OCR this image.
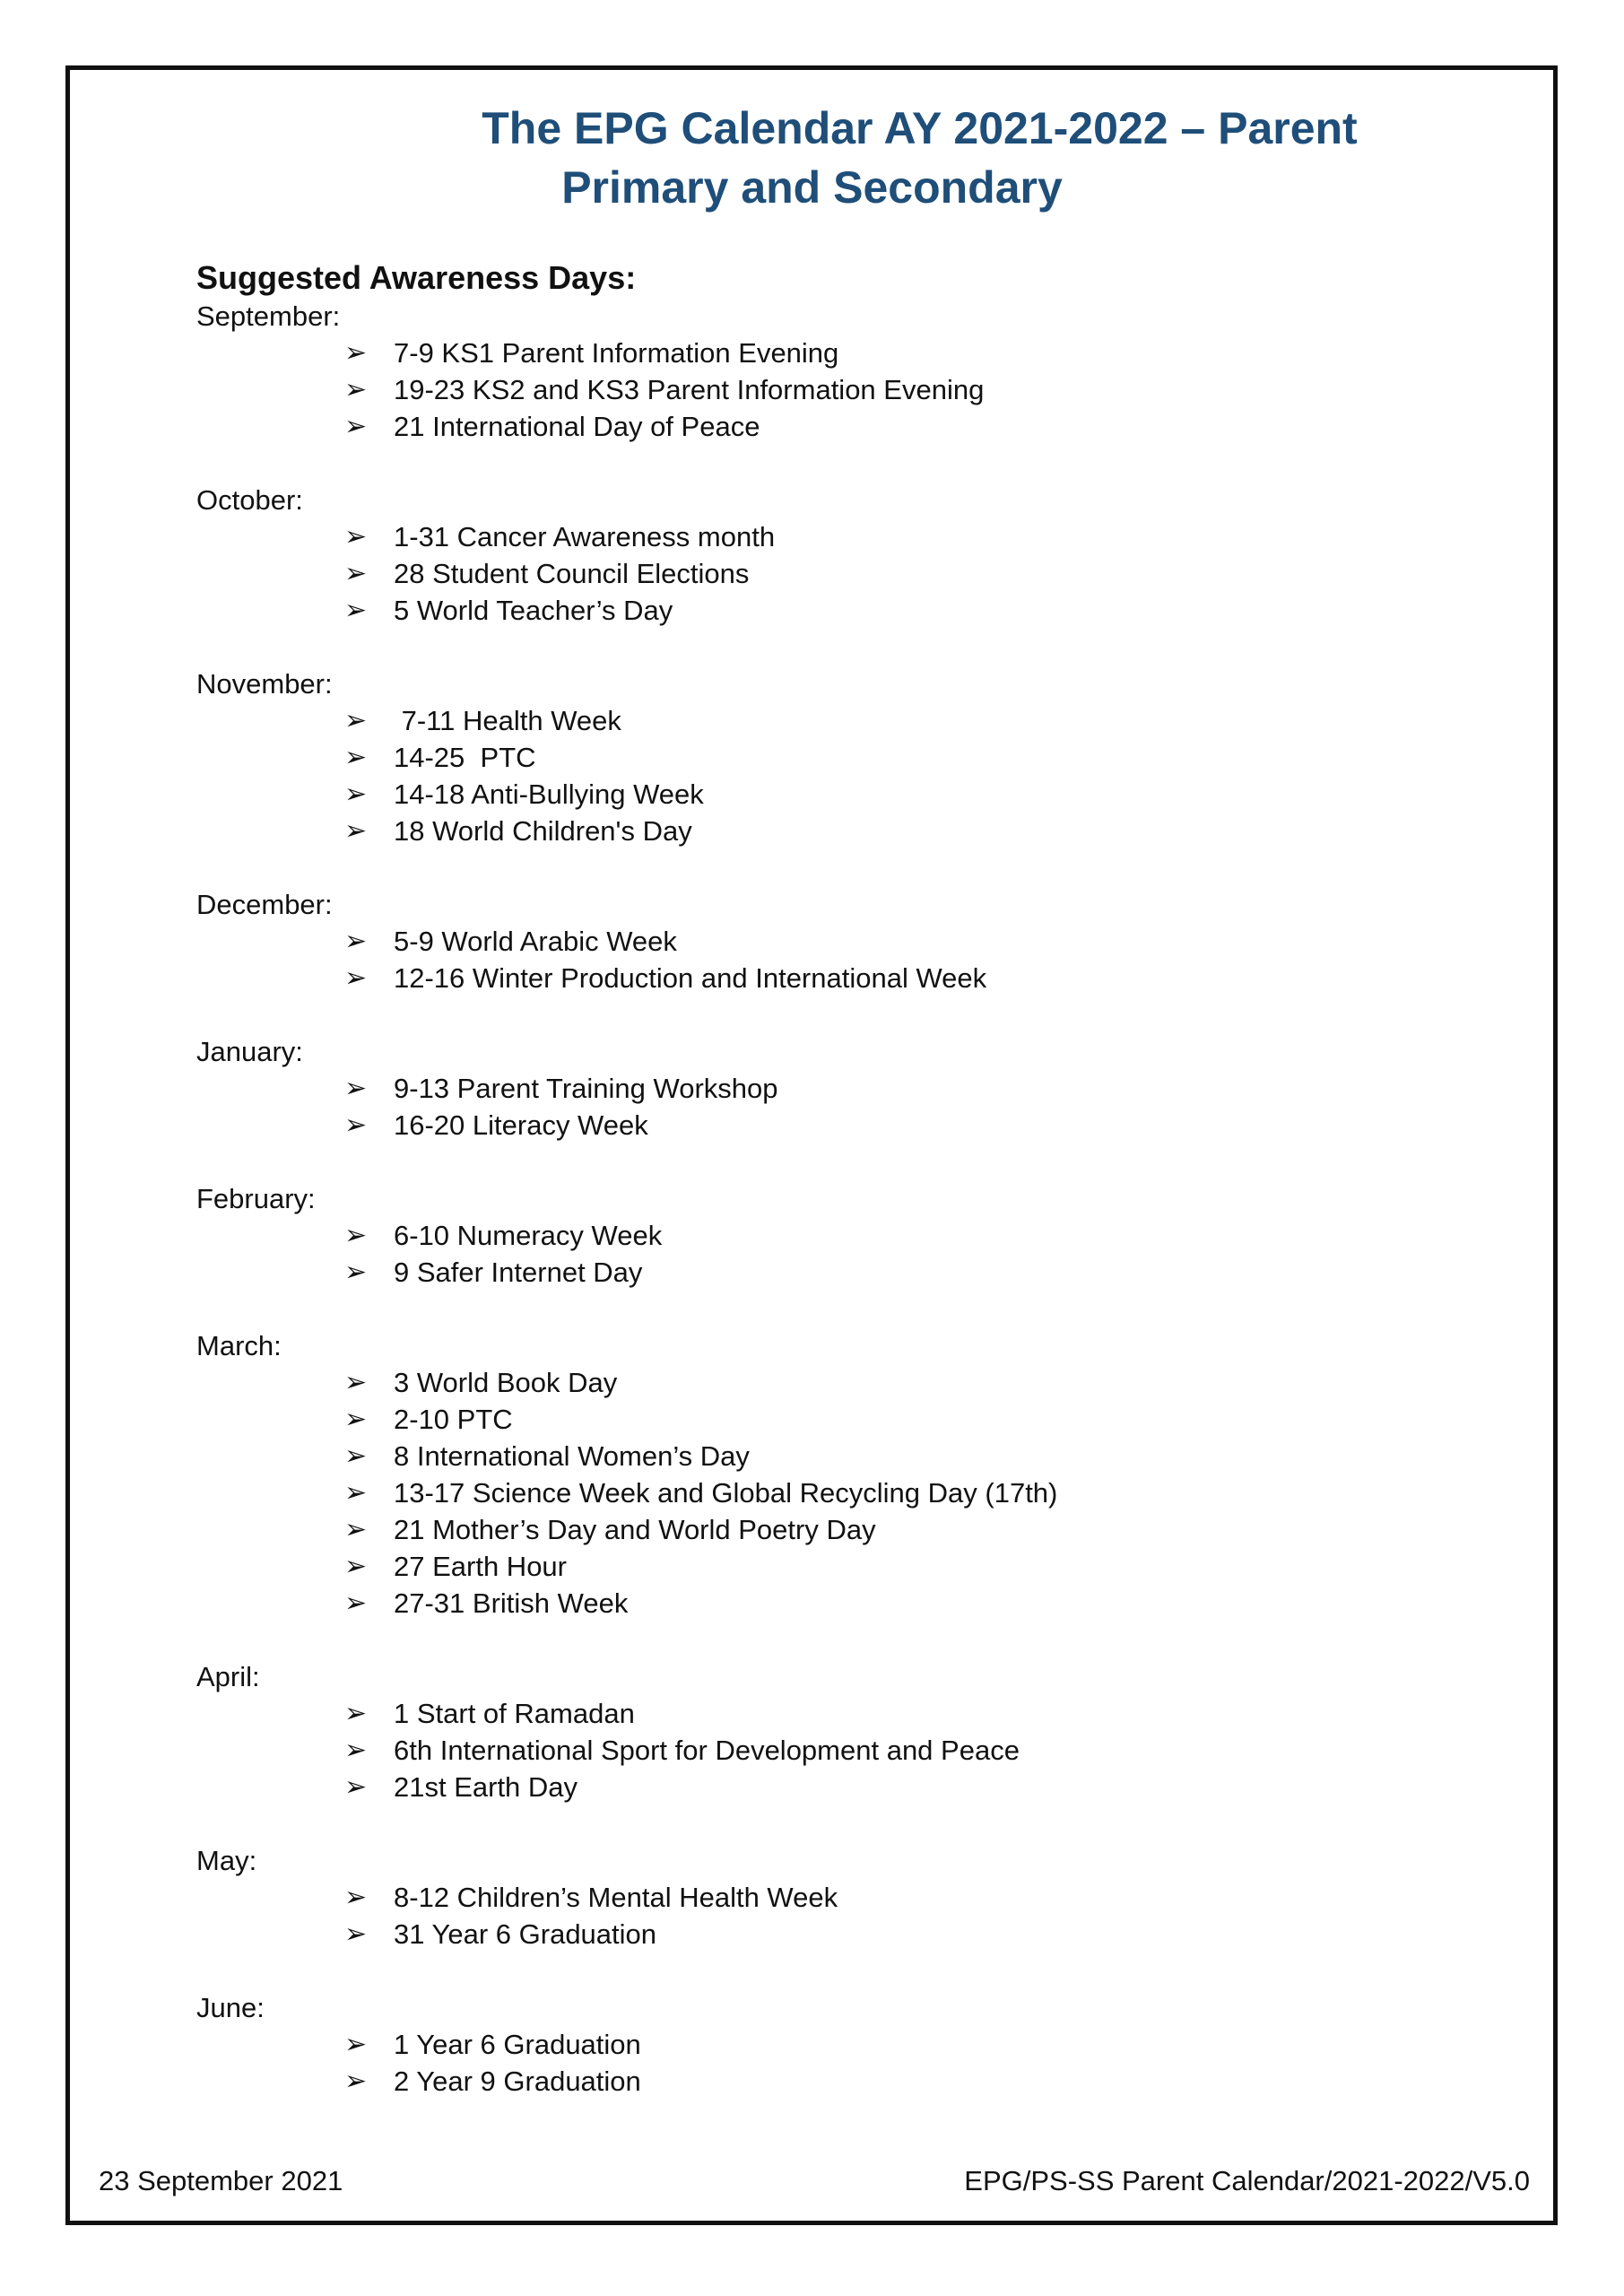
The EPG Calendar AY 2021-2022 – Parent
Primary and Secondary
Suggested Awareness Days:

September:

➢ 7-9 KS1 Parent Information Evening
➢ 19-23 KS2 and KS3 Parent Information Evening
➢ 21 International Day of Peace

October:

➢ 1-31 Cancer Awareness month
➢ 28 Student Council Elections
➢ 5 World Teacher’s Day

November:

➢ 7-11 Health Week
➢ 14-25  PTC
➢ 14-18 Anti-Bullying Week
➢ 18 World Children's Day

December:

➢ 5-9 World Arabic Week
➢ 12-16 Winter Production and International Week

January:

➢ 9-13 Parent Training Workshop
➢ 16-20 Literacy Week

February:

➢ 6-10 Numeracy Week
➢ 9 Safer Internet Day

March:

➢ 3 World Book Day
➢ 2-10 PTC
➢ 8 International Women’s Day
➢ 13-17 Science Week and Global Recycling Day (17th)
➢ 21 Mother’s Day and World Poetry Day
➢ 27 Earth Hour
➢ 27-31 British Week

April:

➢ 1 Start of Ramadan
➢ 6th International Sport for Development and Peace
➢ 21st Earth Day

May:

➢ 8-12 Children’s Mental Health Week
➢ 31 Year 6 Graduation

June:

➢ 1 Year 6 Graduation
➢ 2 Year 9 Graduation

23 September 2021	EPG/PS-SS Parent Calendar/2021-2022/V5.0
